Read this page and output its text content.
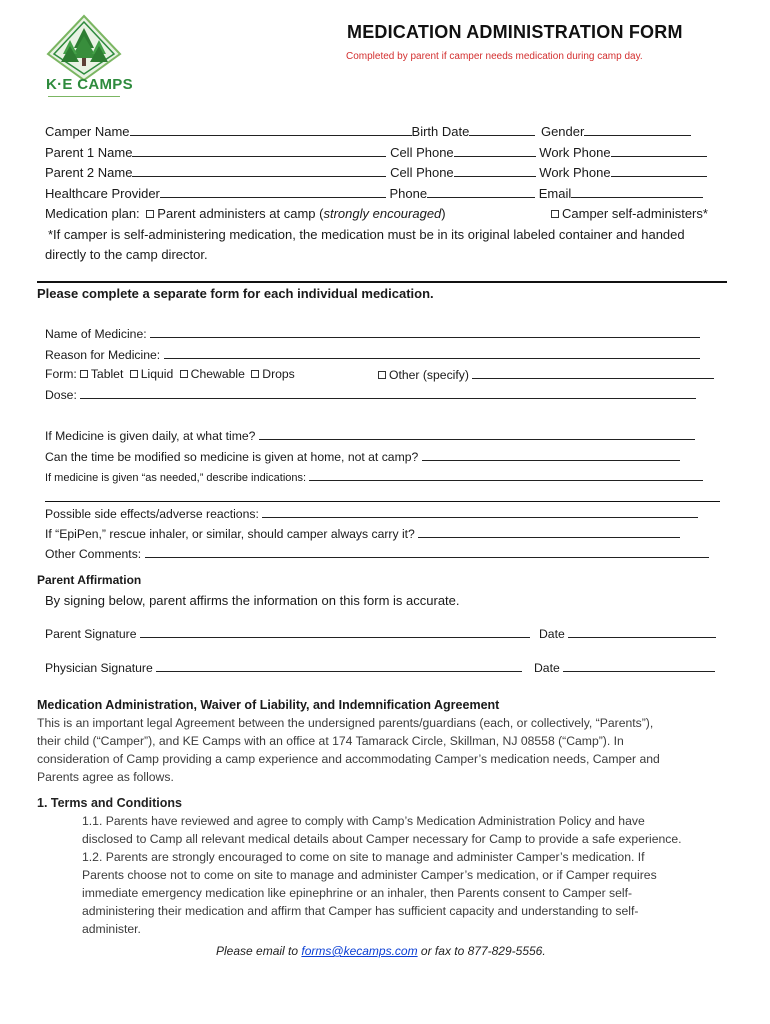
K·E CAMPS
MEDICATION ADMINISTRATION FORM
Completed by parent if camper needs medication during camp day.
Camper Name	Birth Date	Gender
Parent 1 Name	Cell Phone	Work Phone
Parent 2 Name	Cell Phone	Work Phone
Healthcare Provider	Phone	Email
Medication plan: Parent administers at camp (strongly encouraged)	Camper self-administers*
*If camper is self-administering medication, the medication must be in its original labeled container and handed
directly to the camp director.
Please complete a separate form for each individual medication.
Name of Medicine:
Reason for Medicine:
Form: Tablet Liquid Chewable Drops	Other (specify)
Dose:
If Medicine is given daily, at what time?
Can the time be modified so medicine is given at home, not at camp?
If medicine is given “as needed,” describe indications:
Possible side effects/adverse reactions:
If “EpiPen,” rescue inhaler, or similar, should camper always carry it?
Other Comments:
Parent Affirmation
By signing below, parent affirms the information on this form is accurate.
Parent Signature	Date
Physician Signature	Date
Medication Administration, Waiver of Liability, and Indemnification Agreement
This is an important legal Agreement between the undersigned parents/guardians (each, or collectively, “Parents”),
their child (“Camper”), and KE Camps with an office at 174 Tamarack Circle, Skillman, NJ 08558 (“Camp”). In
consideration of Camp providing a camp experience and accommodating Camper’s medication needs, Camper and
Parents agree as follows.
1. Terms and Conditions
1.1. Parents have reviewed and agree to comply with Camp’s Medication Administration Policy and have
disclosed to Camp all relevant medical details about Camper necessary for Camp to provide a safe experience.
1.2. Parents are strongly encouraged to come on site to manage and administer Camper’s medication. If
Parents choose not to come on site to manage and administer Camper’s medication, or if Camper requires
immediate emergency medication like epinephrine or an inhaler, then Parents consent to Camper self-
administering their medication and affirm that Camper has sufficient capacity and understanding to self-
administer.
Please email to forms@kecamps.com or fax to 877-829-5556.
